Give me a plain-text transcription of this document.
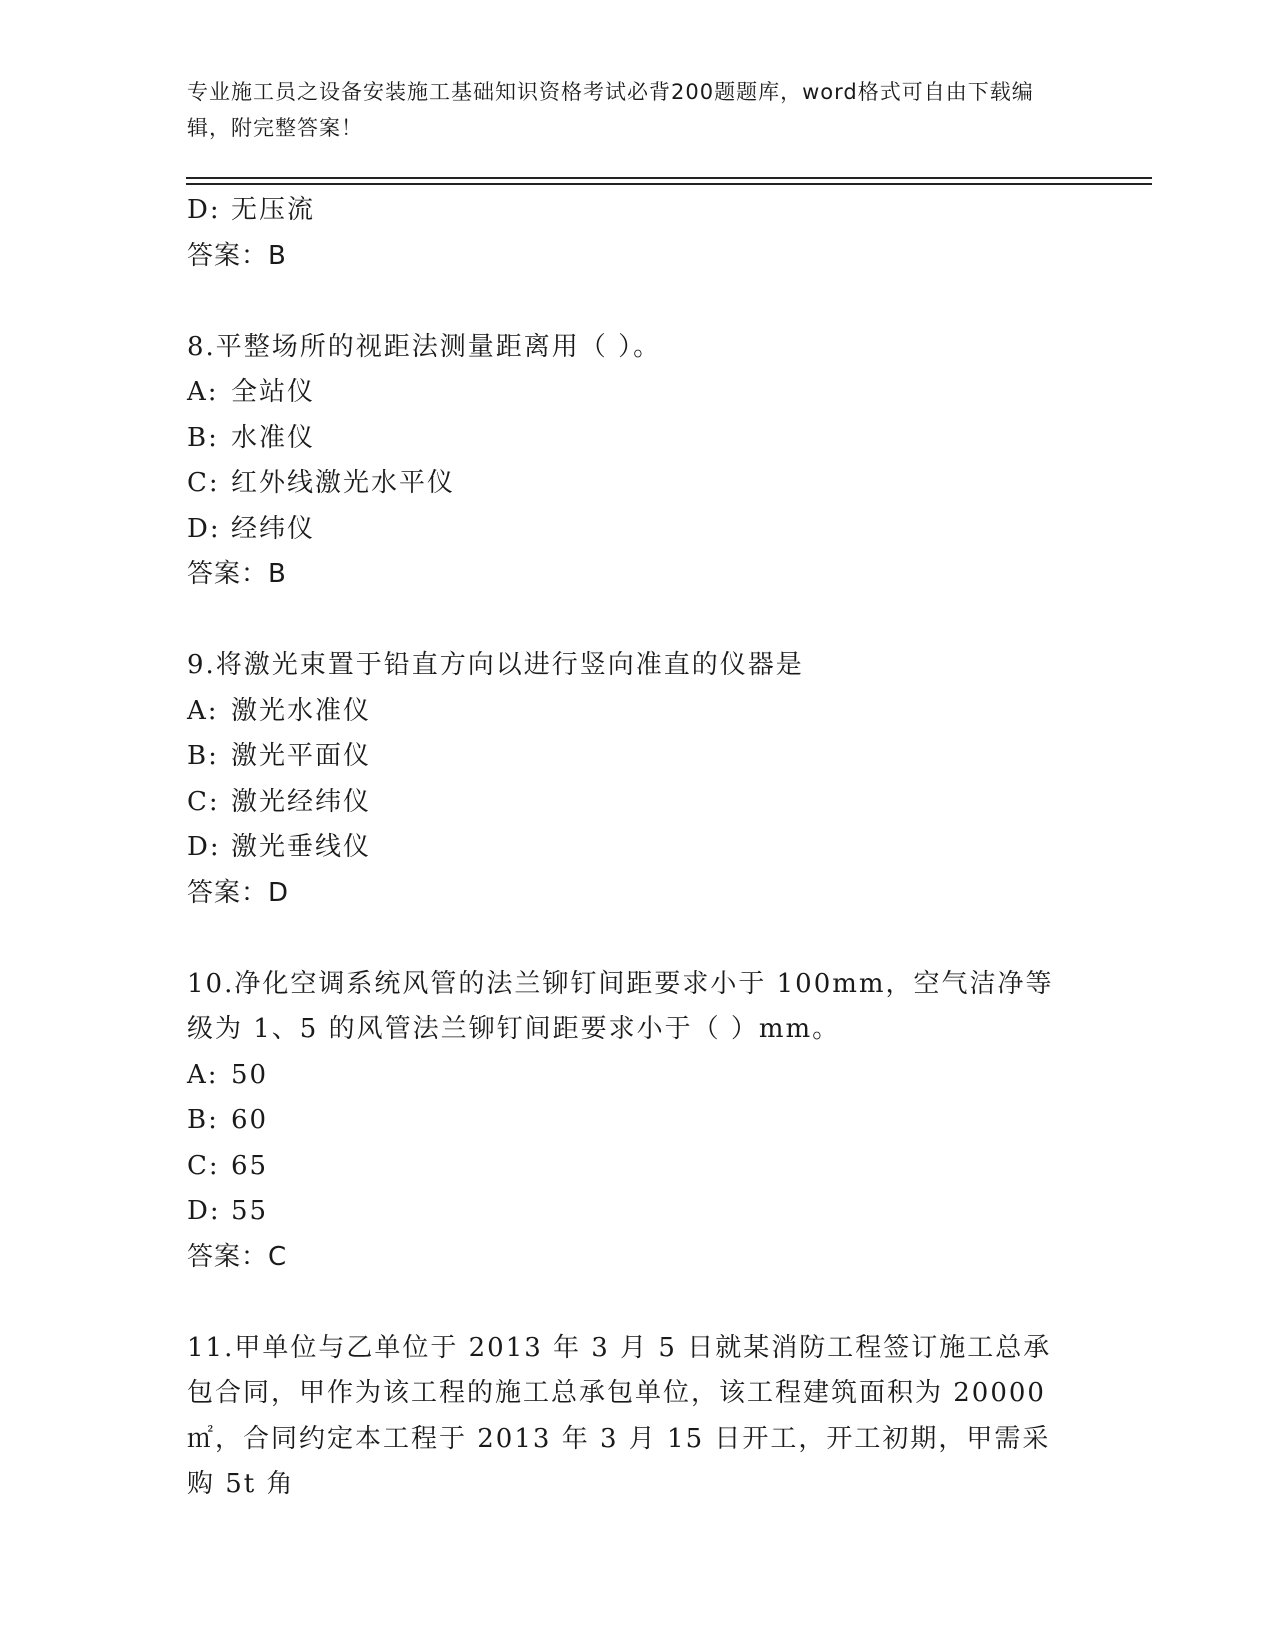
专业施工员之设备安装施工基础知识资格考试必背200题题库，word格式可自由下载编辑，附完整答案！
D: 无压流
答案：B
8.平整场所的视距法测量距离用（ ）。
A: 全站仪
B: 水准仪
C: 红外线激光水平仪
D: 经纬仪
答案：B
9.将激光束置于铅直方向以进行竖向准直的仪器是
A: 激光水准仪
B: 激光平面仪
C: 激光经纬仪
D: 激光垂线仪
答案：D
10.净化空调系统风管的法兰铆钉间距要求小于 100mm，空气洁净等级为 1、5 的风管法兰铆钉间距要求小于（ ）mm。
A: 50
B: 60
C: 65
D: 55
答案：C
11.甲单位与乙单位于 2013 年 3 月 5 日就某消防工程签订施工总承包合同，甲作为该工程的施工总承包单位，该工程建筑面积为 20000㎡，合同约定本工程于 2013 年 3 月 15 日开工，开工初期，甲需采购 5t 角
